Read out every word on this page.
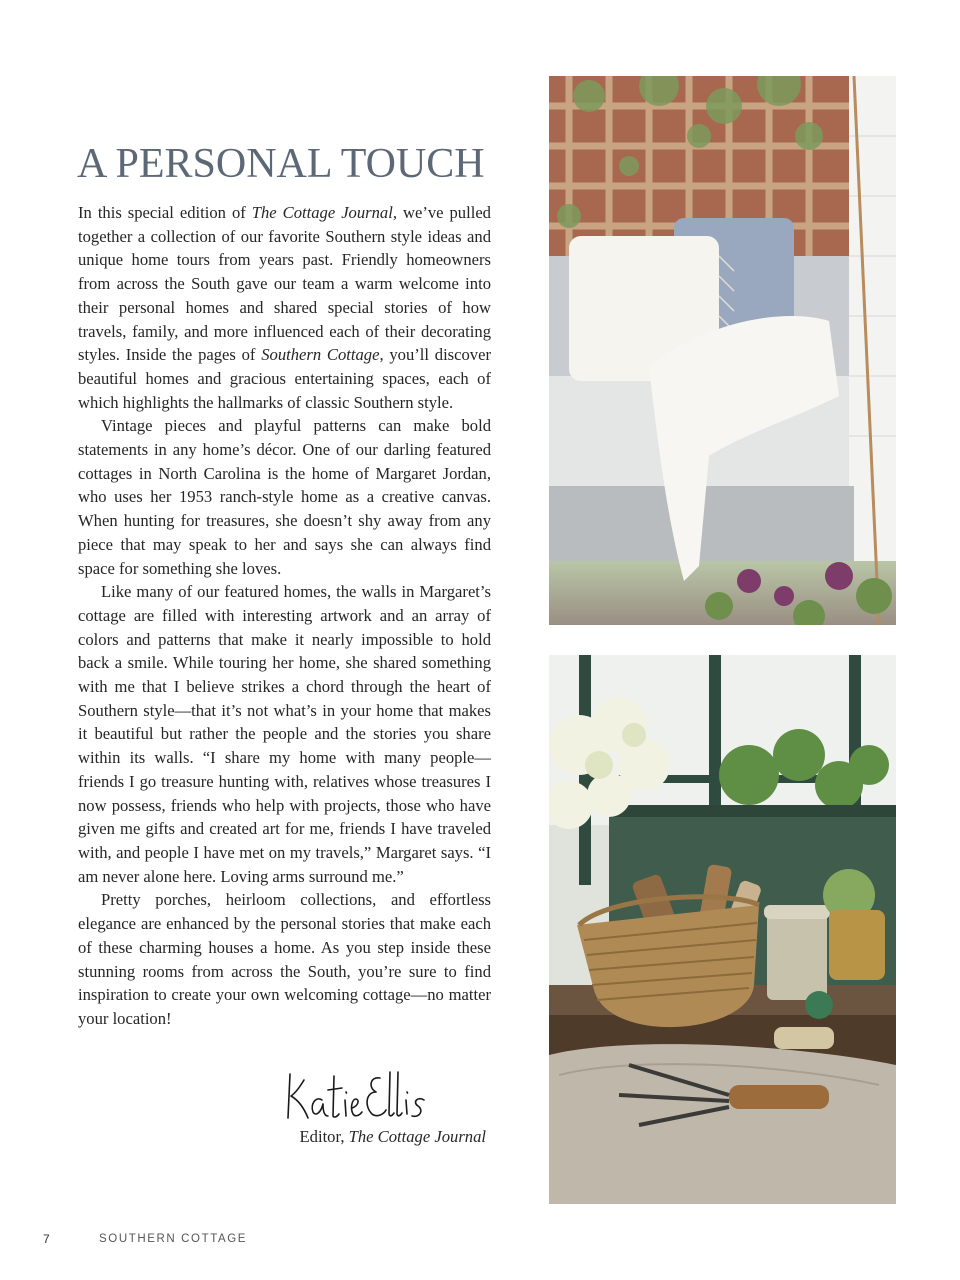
A PERSONAL TOUCH

In this special edition of The Cottage Journal, we’ve pulled together a collection of our favorite Southern style ideas and unique home tours from years past. Friendly homeowners from across the South gave our team a warm welcome into their personal homes and shared special stories of how travels, family, and more influenced each of their decorating styles. Inside the pages of Southern Cottage, you’ll discover beautiful homes and gracious entertaining spaces, each of which highlights the hallmarks of classic Southern style.

Vintage pieces and playful patterns can make bold statements in any home’s décor. One of our darling featured cottages in North Carolina is the home of Margaret Jordan, who uses her 1953 ranch-style home as a creative canvas. When hunting for treasures, she doesn’t shy away from any piece that may speak to her and says she can always find space for something she loves.

Like many of our featured homes, the walls in Margaret’s cottage are filled with interesting artwork and an array of colors and patterns that make it nearly impossible to hold back a smile. While touring her home, she shared something with me that I believe strikes a chord through the heart of Southern style—that it’s not what’s in your home that makes it beautiful but rather the people and the stories you share within its walls. “I share my home with many people—friends I go treasure hunting with, relatives whose treasures I now possess, friends who help with projects, those who have given me gifts and created art for me, friends I have traveled with, and people I have met on my travels,” Margaret says. “I am never alone here. Loving arms surround me.”

Pretty porches, heirloom collections, and effortless elegance are enhanced by the personal stories that make each of these charming houses a home. As you step inside these stunning rooms from across the South, you’re sure to find inspiration to create your own welcoming cottage—no matter your location!

Editor, The Cottage Journal
7	SOUTHERN COTTAGE
